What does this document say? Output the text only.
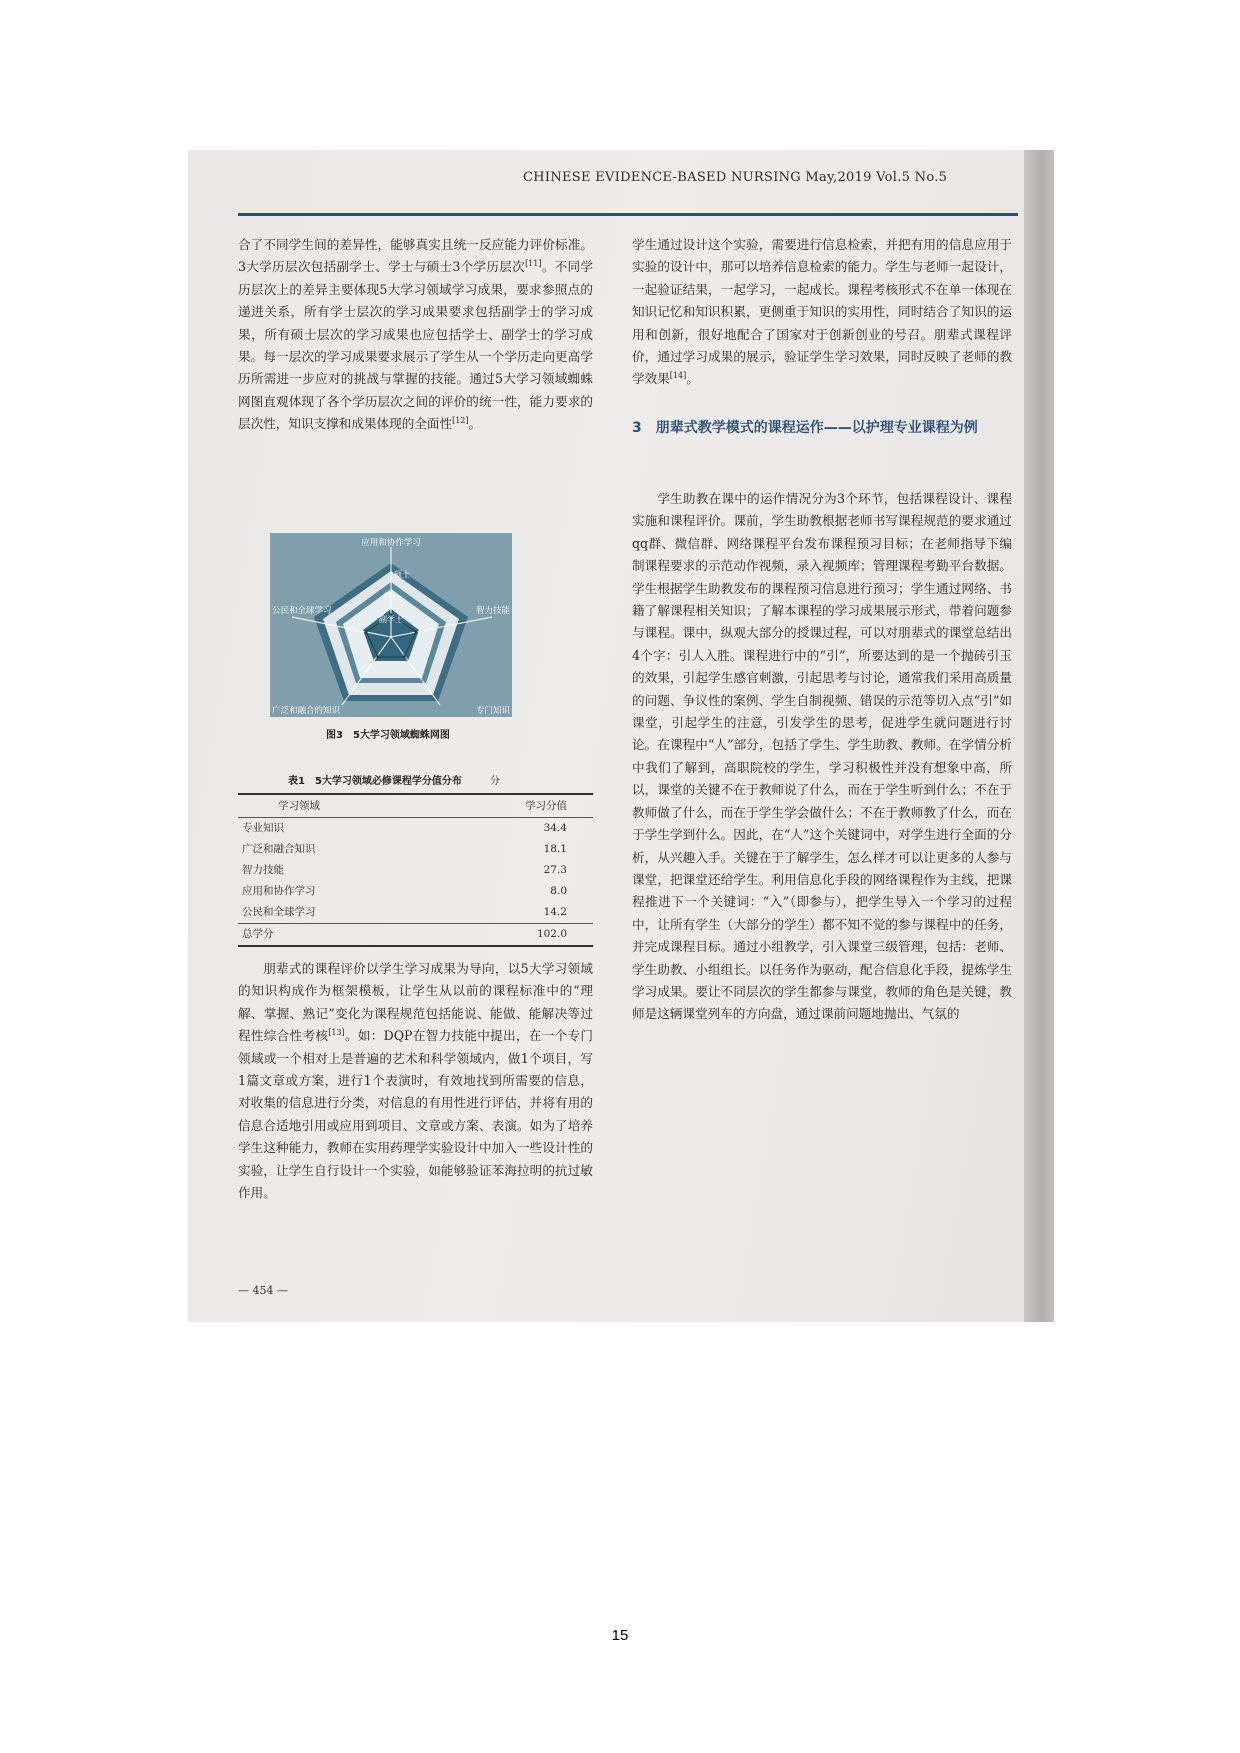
合了不同学生间的差异性，能够真实且统一反应能力评价标准。3大学历层次包括副学士、学士与硕士3个学历层次[11]。不同学历层次上的差异主要体现5大学习领域学习成果，要求参照点的递进关系，所有学士层次的学习成果要求包括副学士的学习成果，所有硕士层次的学习成果也应包括学士、副学士的学习成果。每一层次的学习成果要求展示了学生从一个学历走向更高学历所需进一步应对的挑战与掌握的技能。通过5大学习领域蜘蛛网图直观体现了各个学历层次之间的评价的统一性，能力要求的层次性，知识支撑和成果体现的全面性[12]。

应用和协作学习
公民和全球学习	智力技能
广泛和融合的知识	专门知识
硕士
学士
副学士
图3　5大学习领域蜘蛛网图
表1　5大学习领域必修课程学分值分布	分
学习领域	学习分值
专业知识	34.4
广泛和融合知识	18.1
智力技能	27.3
应用和协作学习	8.0
公民和全球学习	14.2
总学分	102.0

朋辈式的课程评价以学生学习成果为导向，以5大学习领域的知识构成作为框架模板，让学生从以前的课程标准中的“理解、掌握、熟记”变化为课程规范包括能说、能做、能解决等过程性综合性考核[13]。如：DQP在智力技能中提出，在一个专门领域或一个相对上是普遍的艺术和科学领域内，做1个项目，写1篇文章或方案，进行1个表演时，有效地找到所需要的信息，对收集的信息进行分类，对信息的有用性进行评估，并将有用的信息合适地引用或应用到项目、文章或方案、表演。如为了培养学生这种能力，教师在实用药理学实验设计中加入一些设计性的实验，让学生自行设计一个实验，如能够验证苯海拉明的抗过敏作用。

— 454 —

学生通过设计这个实验，需要进行信息检索，并把有用的信息应用于实验的设计中，那可以培养信息检索的能力。学生与老师一起设计，一起验证结果，一起学习，一起成长。课程考核形式不在单一体现在知识记忆和知识积累，更侧重于知识的实用性，同时结合了知识的运用和创新，很好地配合了国家对于创新创业的号召。朋辈式课程评价，通过学习成果的展示，验证学生学习效果，同时反映了老师的教学效果[14]。

3　朋辈式教学模式的课程运作——以护理专业课程为例

学生助教在课中的运作情况分为3个环节，包括课程设计、课程实施和课程评价。课前，学生助教根据老师书写课程规范的要求通过qq群、微信群、网络课程平台发布课程预习目标；在老师指导下编制课程要求的示范动作视频，录入视频库；管理课程考勤平台数据。学生根据学生助教发布的课程预习信息进行预习；学生通过网络、书籍了解课程相关知识；了解本课程的学习成果展示形式，带着问题参与课程。课中，纵观大部分的授课过程，可以对朋辈式的课堂总结出4个字：引人入胜。课程进行中的“引”，所要达到的是一个抛砖引玉的效果，引起学生感官刺激，引起思考与讨论，通常我们采用高质量的问题、争议性的案例、学生自制视频、错误的示范等切入点“引”如课堂，引起学生的注意，引发学生的思考，促进学生就问题进行讨论。在课程中“人”部分，包括了学生、学生助教、教师。在学情分析中我们了解到，高职院校的学生，学习积极性并没有想象中高，所以，课堂的关键不在于教师说了什么，而在于学生听到什么；不在于教师做了什么，而在于学生学会做什么；不在于教师教了什么，而在于学生学到什么。因此，在“人”这个关键词中，对学生进行全面的分析，从兴趣入手。关键在于了解学生，怎么样才可以让更多的人参与课堂，把课堂还给学生。利用信息化手段的网络课程作为主线，把课程推进下一个关键词：“入”（即参与），把学生导入一个学习的过程中，让所有学生（大部分的学生）都不知不觉的参与课程中的任务，并完成课程目标。通过小组教学，引入课堂三级管理，包括：老师、学生助教、小组组长。以任务作为驱动，配合信息化手段，提炼学生学习成果。要让不同层次的学生都参与课堂，教师的角色是关键，教师是这辆课堂列车的方向盘，通过课前问题地抛出、气氛的

CHINESE EVIDENCE-BASED NURSING May,2019 Vol.5 No.5
15
